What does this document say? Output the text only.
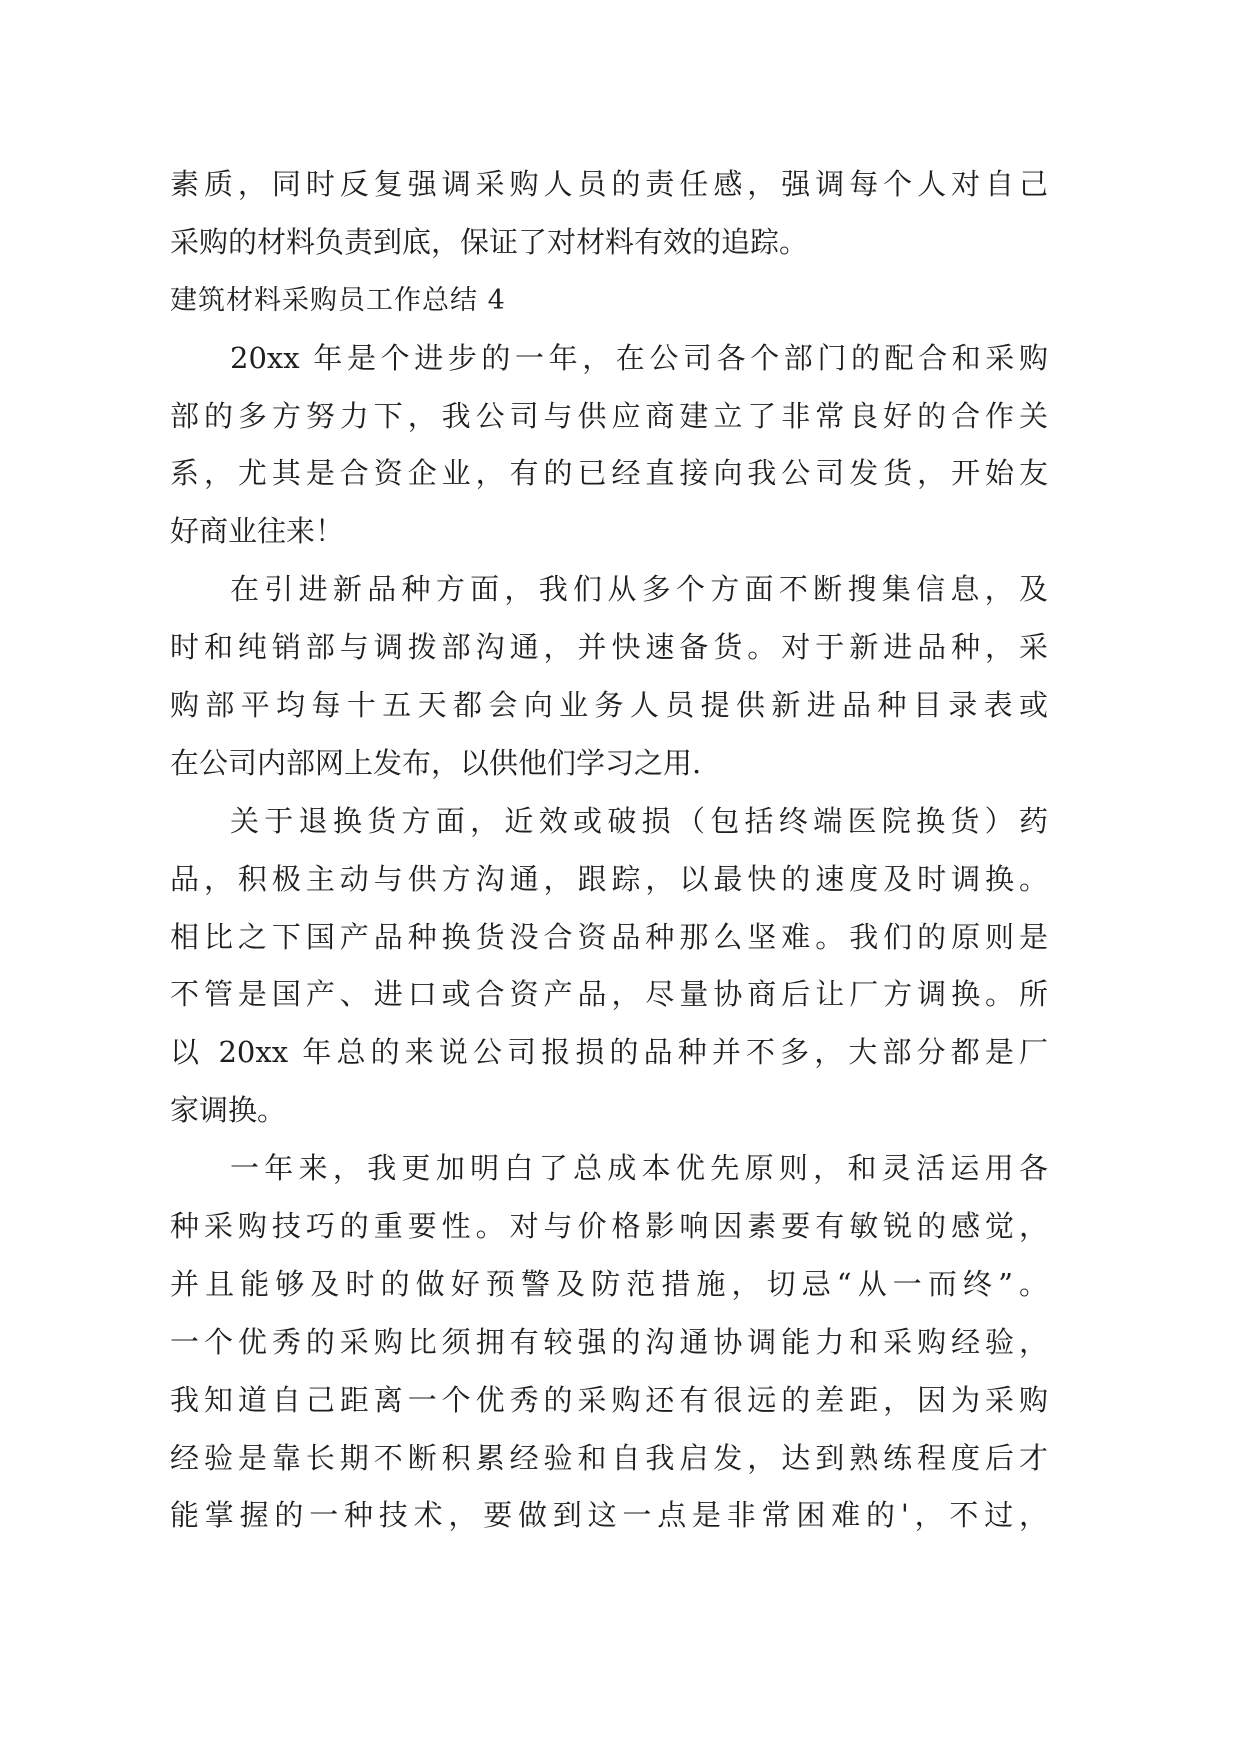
素质，同时反复强调采购人员的责任感，强调每个人对自己
采购的材料负责到底，保证了对材料有效的追踪。
建筑材料采购员工作总结 4
20xx 年是个进步的一年，在公司各个部门的配合和采购
部的多方努力下，我公司与供应商建立了非常良好的合作关
系，尤其是合资企业，有的已经直接向我公司发货，开始友
好商业往来！
在引进新品种方面，我们从多个方面不断搜集信息，及
时和纯销部与调拨部沟通，并快速备货。对于新进品种，采
购部平均每十五天都会向业务人员提供新进品种目录表或
在公司内部网上发布，以供他们学习之用.
关于退换货方面，近效或破损（包括终端医院换货）药
品，积极主动与供方沟通，跟踪，以最快的速度及时调换。
相比之下国产品种换货没合资品种那么坚难。我们的原则是
不管是国产、进口或合资产品，尽量协商后让厂方调换。所
以 20xx 年总的来说公司报损的品种并不多，大部分都是厂
家调换。
一年来，我更加明白了总成本优先原则，和灵活运用各
种采购技巧的重要性。对与价格影响因素要有敏锐的感觉，
并且能够及时的做好预警及防范措施，切忌“从一而终”。
一个优秀的采购比须拥有较强的沟通协调能力和采购经验，
我知道自己距离一个优秀的采购还有很远的差距，因为采购
经验是靠长期不断积累经验和自我启发，达到熟练程度后才
能掌握的一种技术，要做到这一点是非常困难的'，不过，
